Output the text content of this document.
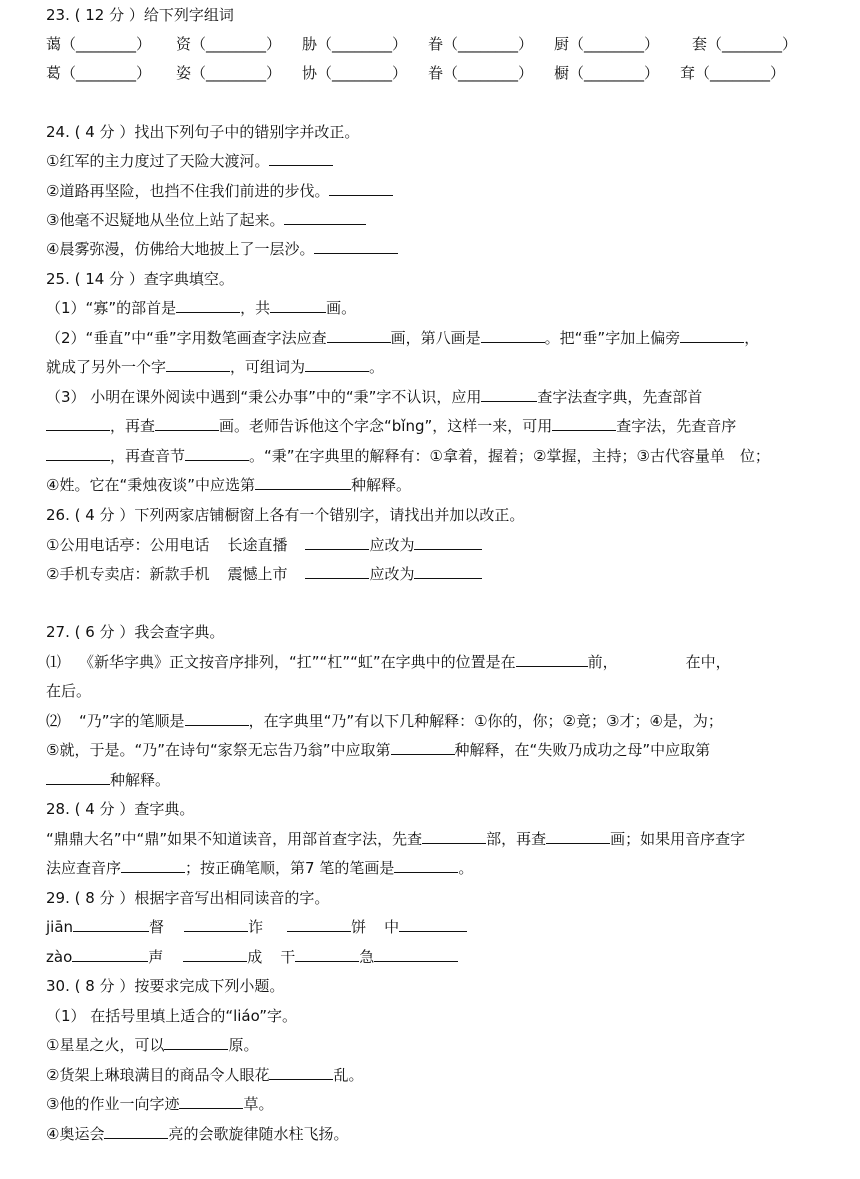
23. ( 12 分 ）给下列字组词
蔼（________） 资（________） 胁（________） 眷（________） 厨（________） 套（________）
葛（________） 姿（________） 协（________） 眷（________） 橱（________） 耷（________）
24. ( 4 分 ）找出下列句子中的错别字并改正。
①红军的主力度过了天险大渡河。
②道路再坚险，也挡不住我们前进的步伐。
③他毫不迟疑地从坐位上站了起来。
④晨雾弥漫，仿佛给大地披上了一层沙。
25. ( 14 分 ）查字典填空。
（1）“寡”的部首是	，共	画。
（2）“垂直”中“垂”字用数笔画查字法应查	画，第八画是	。把“垂”字加上偏旁	，
就成了另外一个字	，可组词为	。
（3） 小明在课外阅读中遇到“秉公办事”中的“秉”字不认识，应用	查字法查字典，先查部首
，再查	画。老师告诉他这个字念“bǐng”，这样一来，可用	查字法，先查音序
，再查音节	。“秉”在字典里的解释有：①拿着，握着；②掌握，主持；③古代容量单　位；
④姓。它在“秉烛夜谈”中应选第	种解释。
26. ( 4 分 ）下列两家店铺橱窗上各有一个错别字，请找出并加以改正。
①公用电话亭：公用电话 长途直播	应改为
②手机专卖店：新款手机 震憾上市	应改为
27. ( 6 分 ）我会查字典。
⑴ 《新华字典》正文按音序排列，“扛”“杠”“虹”在字典中的位置是在	前，	在中，
在后。
⑵ “乃”字的笔顺是	，在字典里“乃”有以下几种解释：①你的，你；②竟；③才；④是，为；
⑤就，于是。“乃”在诗句“家祭无忘告乃翁”中应取第	种解释，在“失败乃成功之母”中应取第
种解释。
28. ( 4 分 ）查字典。
“鼎鼎大名”中“鼎”如果不知道读音，用部首查字法，先查	部，再查	画；如果用音序查字
法应查音序	；按正确笔顺，第7 笔的笔画是	。
29. ( 8 分 ）根据字音写出相同读音的字。
jiān	督	诈	饼 中
zào	声	成 干	急
30. ( 8 分 ）按要求完成下列小题。
（1） 在括号里填上适合的“liáo”字。
①星星之火，可以	原。
②货架上琳琅满目的商品令人眼花	乱。
③他的作业一向字迹	草。
④奥运会	亮的会歌旋律随水柱飞扬。
